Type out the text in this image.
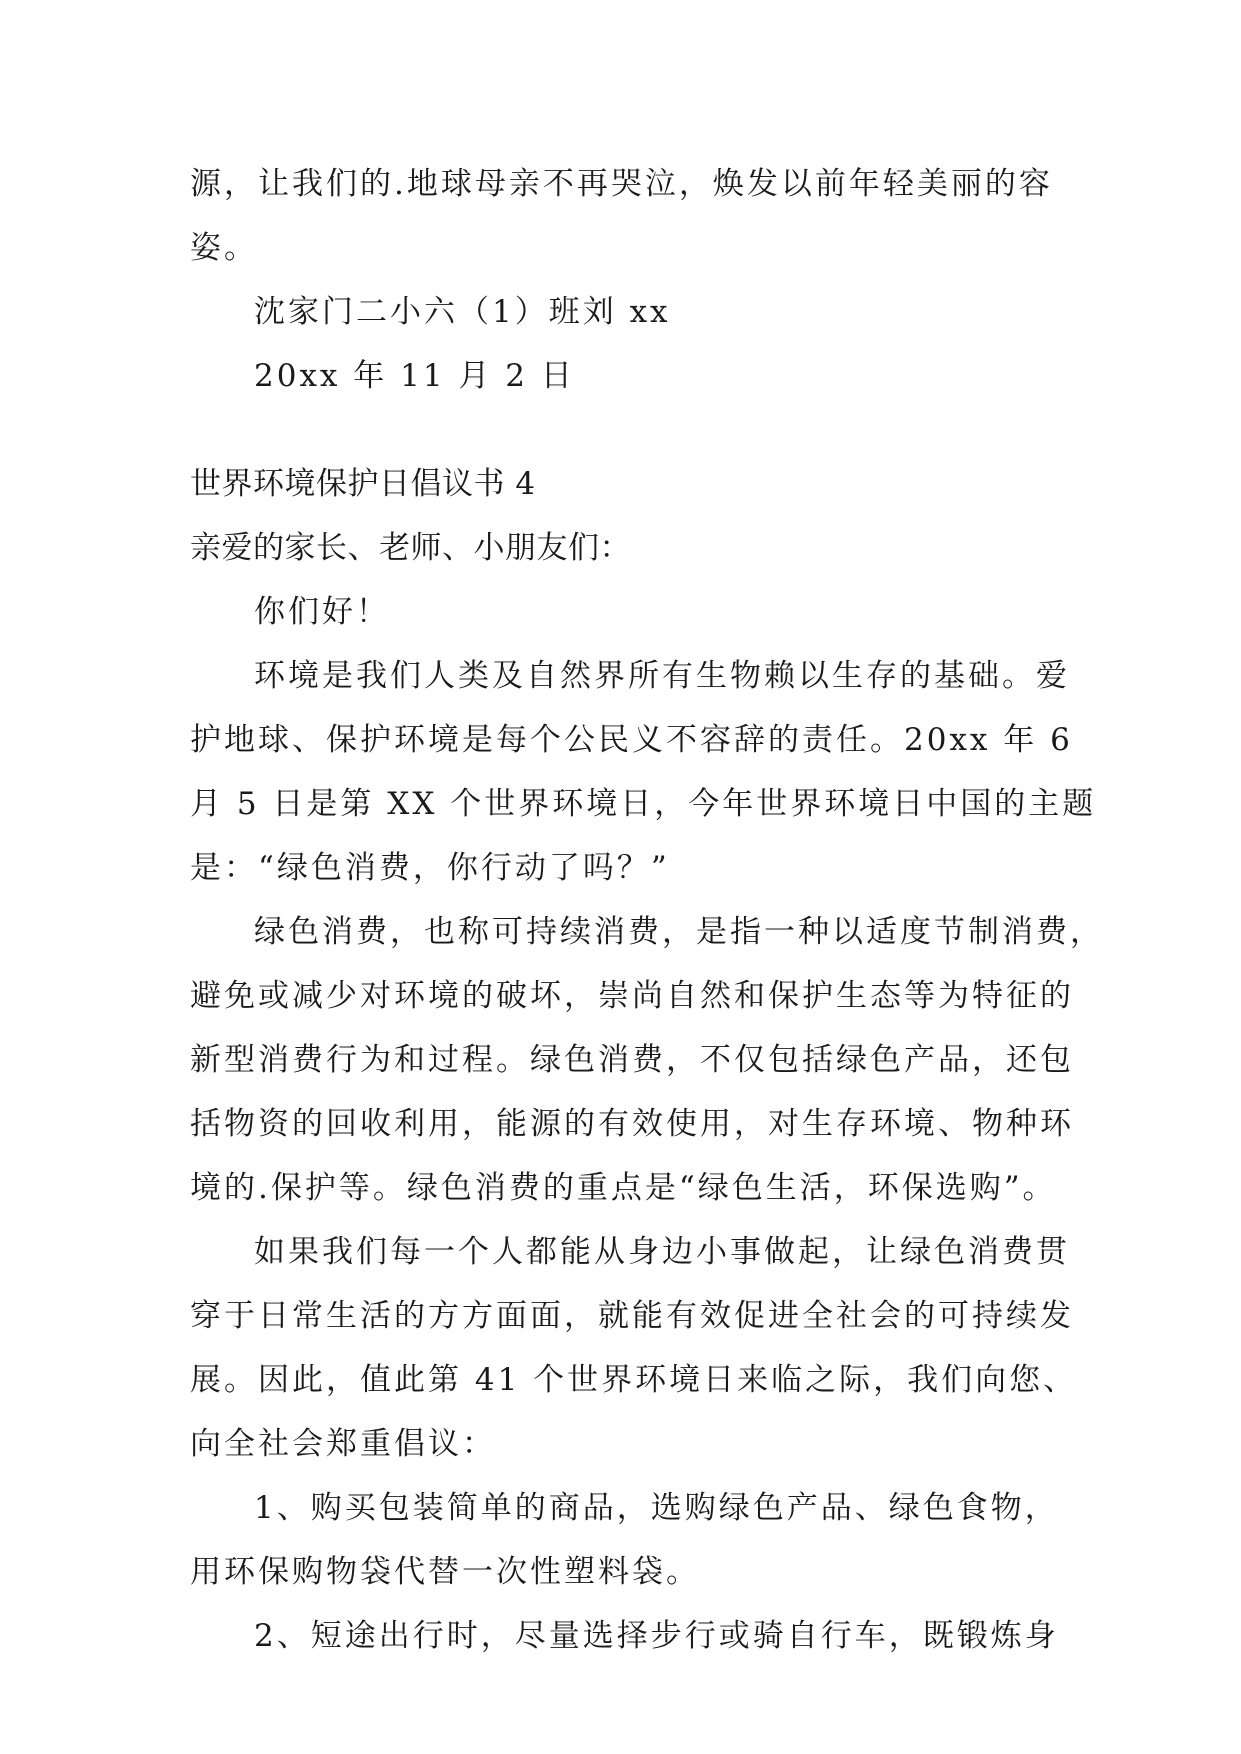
源，让我们的.地球母亲不再哭泣，焕发以前年轻美丽的容
姿。
沈家门二小六（1）班刘 xx
20xx 年 11 月 2 日
世界环境保护日倡议书 4
亲爱的家长、老师、小朋友们：
你们好！
环境是我们人类及自然界所有生物赖以生存的基础。爱
护地球、保护环境是每个公民义不容辞的责任。20xx 年 6
月 5 日是第 XX 个世界环境日，今年世界环境日中国的主题
是：“绿色消费，你行动了吗？”
绿色消费，也称可持续消费，是指一种以适度节制消费，
避免或减少对环境的破坏，崇尚自然和保护生态等为特征的
新型消费行为和过程。绿色消费，不仅包括绿色产品，还包
括物资的回收利用，能源的有效使用，对生存环境、物种环
境的.保护等。绿色消费的重点是“绿色生活，环保选购”。
如果我们每一个人都能从身边小事做起，让绿色消费贯
穿于日常生活的方方面面，就能有效促进全社会的可持续发
展。因此，值此第 41 个世界环境日来临之际，我们向您、
向全社会郑重倡议：
1、购买包装简单的商品，选购绿色产品、绿色食物，
用环保购物袋代替一次性塑料袋。
2、短途出行时，尽量选择步行或骑自行车，既锻炼身
